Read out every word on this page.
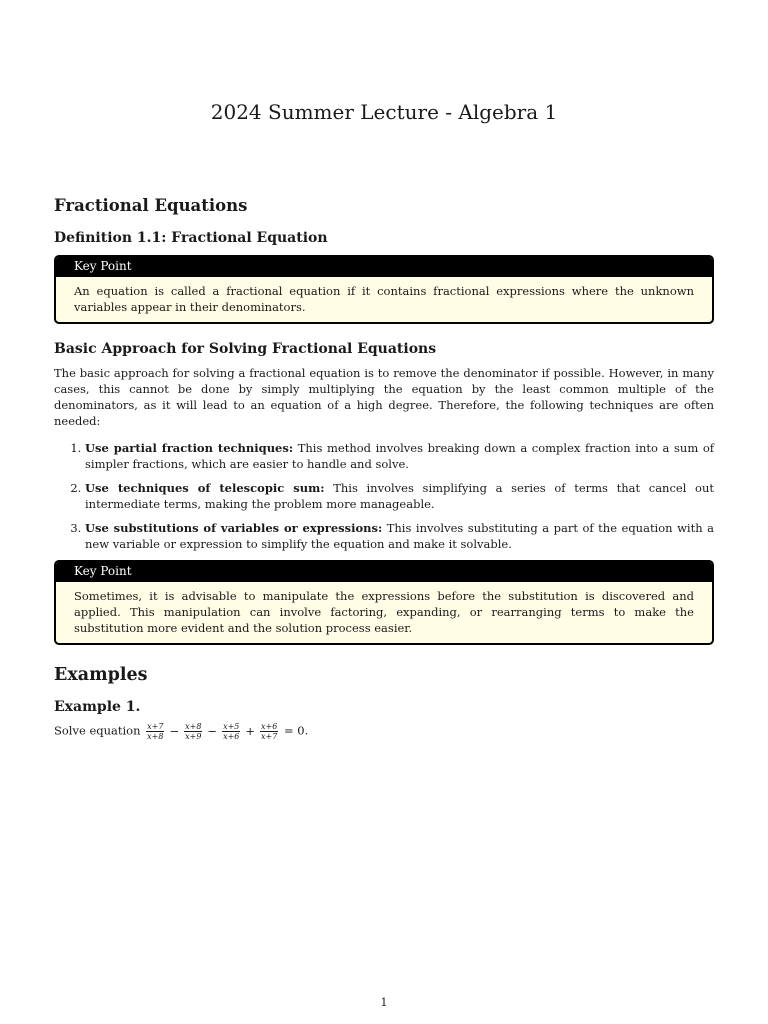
2024 Summer Lecture - Algebra 1
Fractional Equations
Definition 1.1: Fractional Equation
Key Point
An equation is called a fractional equation if it contains fractional expressions where the unknown variables appear in their denominators.
Basic Approach for Solving Fractional Equations

The basic approach for solving a fractional equation is to remove the denominator if possible. However, in many cases, this cannot be done by simply multiplying the equation by the least common multiple of the denominators, as it will lead to an equation of a high degree. Therefore, the following techniques are often needed:

1. Use partial fraction techniques: This method involves breaking down a complex fraction into a sum of simpler fractions, which are easier to handle and solve.
2. Use techniques of telescopic sum: This involves simplifying a series of terms that cancel out intermediate terms, making the problem more manageable.
3. Use substitutions of variables or expressions: This involves substituting a part of the equation with a new variable or expression to simplify the equation and make it solvable.
Key Point
Sometimes, it is advisable to manipulate the expressions before the substitution is discovered and applied. This manipulation can involve factoring, expanding, or rearranging terms to make the substitution more evident and the solution process easier.
Examples
Example 1.
Solve equation $\frac{x+7}{x+8} - \frac{x+8}{x+9} - \frac{x+5}{x+6} + \frac{x+6}{x+7} = 0$.
1
